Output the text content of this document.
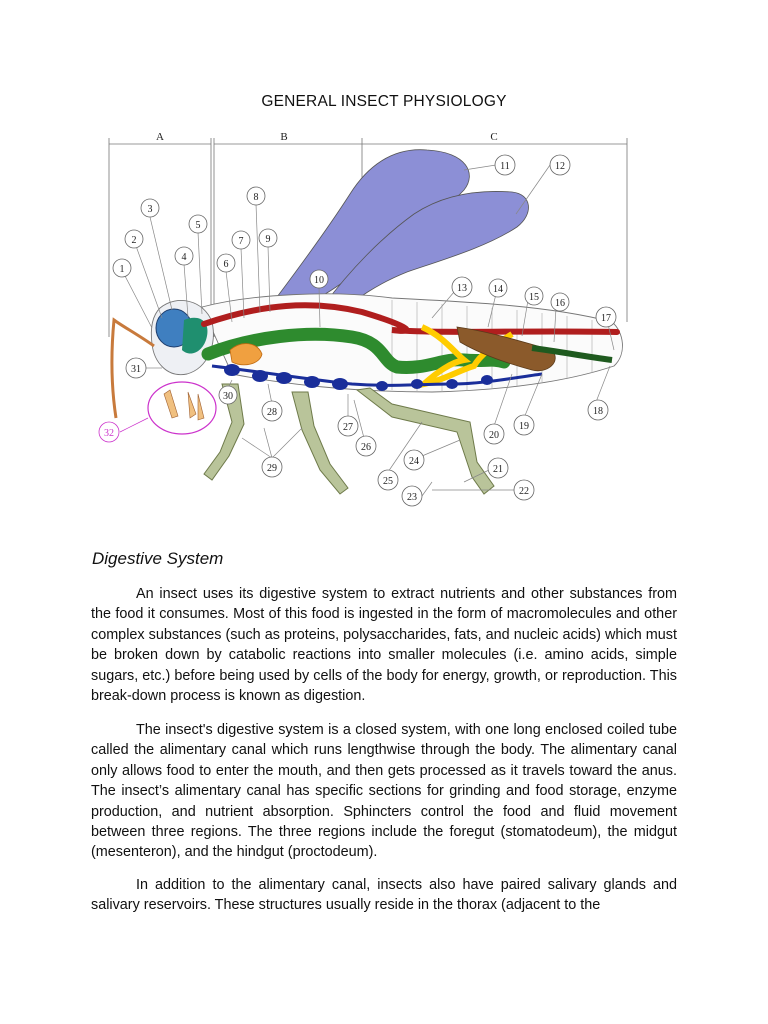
GENERAL INSECT PHYSIOLOGY
A	B	C
1
2
3
4
5
6
7
8
9
10
11	12
13	14
15
16
17
18
19
20
21
22
23
24
25
26
27
28
29
30
31
32
Digestive System

An insect uses its digestive system to extract nutrients and other substances from the food it consumes. Most of this food is ingested in the form of macromolecules and other complex substances (such as proteins, polysaccharides, fats, and nucleic acids) which must be broken down by catabolic reactions into smaller molecules (i.e. amino acids, simple sugars, etc.) before being used by cells of the body for energy, growth, or reproduction. This break-down process is known as digestion.

The insect's digestive system is a closed system, with one long enclosed coiled tube called the alimentary canal which runs lengthwise through the body. The alimentary canal only allows food to enter the mouth, and then gets processed as it travels toward the anus. The insect’s alimentary canal has specific sections for grinding and food storage, enzyme production, and nutrient absorption. Sphincters control the food and fluid movement between three regions. The three regions include the foregut (stomatodeum), the midgut (mesenteron), and the hindgut (proctodeum).

In addition to the alimentary canal, insects also have paired salivary glands and salivary reservoirs. These structures usually reside in the thorax (adjacent to the
